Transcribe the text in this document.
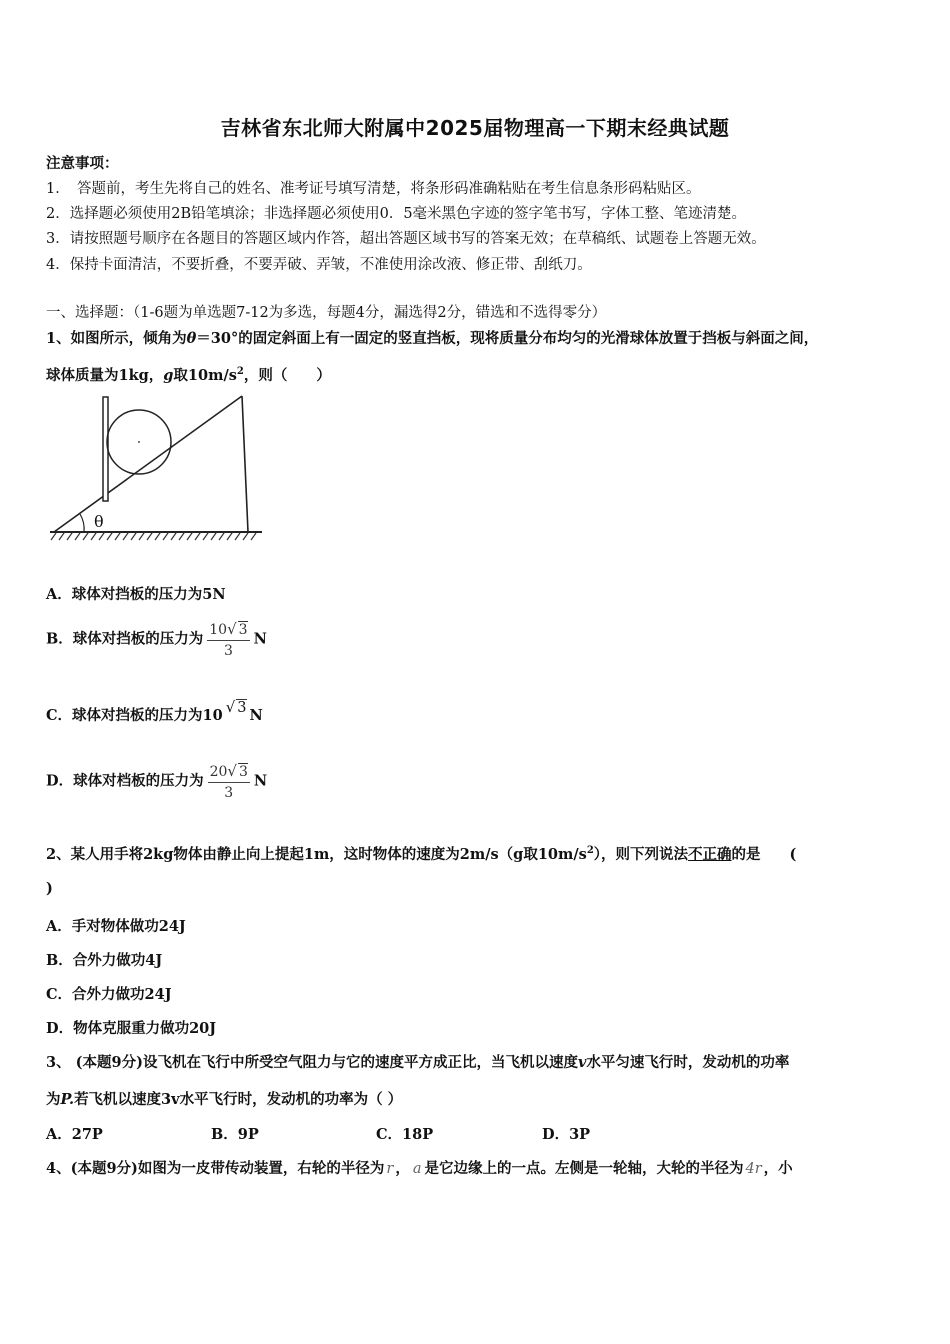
吉林省东北师大附属中2025届物理高一下期末经典试题
注意事项：
1．　答题前，考生先将自己的姓名、准考证号填写清楚，将条形码准确粘贴在考生信息条形码粘贴区。
2．选择题必须使用2B铅笔填涂；非选择题必须使用0．5毫米黑色字迹的签字笔书写，字体工整、笔迹清楚。
3．请按照题号顺序在各题目的答题区域内作答，超出答题区域书写的答案无效；在草稿纸、试题卷上答题无效。
4．保持卡面清洁，不要折叠，不要弄破、弄皱，不准使用涂改液、修正带、刮纸刀。
一、选择题：（1-6题为单选题7-12为多选，每题4分，漏选得2分，错选和不选得零分）
1、如图所示，倾角为θ＝30°的固定斜面上有一固定的竖直挡板，现将质量分布均匀的光滑球体放置于挡板与斜面之间，
球体质量为1kg，g取$10m/s^2$，则（　　）
θ
A．球体对挡板的压力为5N
B．球体对挡板的压力为 $\frac{10√ 3}{3}$ N
C．球体对挡板的压力为10 √ 3 N
D．球体对档板的压力为 $\frac{20√ 3}{3}$ N
2、某人用手将2kg物体由静止向上提起1m，这时物体的速度为2m/s（g取$10m/s^2$），则下列说法不正确的是　　(
)
A．手对物体做功24J
B．合外力做功4J
C．合外力做功24J
D．物体克服重力做功20J
3、 (本题9分)设飞机在飞行中所受空气阻力与它的速度平方成正比，当飞机以速度v水平匀速飞行时，发动机的功率
为P.若飞机以速度3v水平飞行时，发动机的功率为（ ）
A．27P	B．9P	C．18P	D．3P
4、(本题9分)如图为一皮带传动装置，右轮的半径为 r ， a 是它边缘上的一点。左侧是一轮轴，大轮的半径为 4r ，小
